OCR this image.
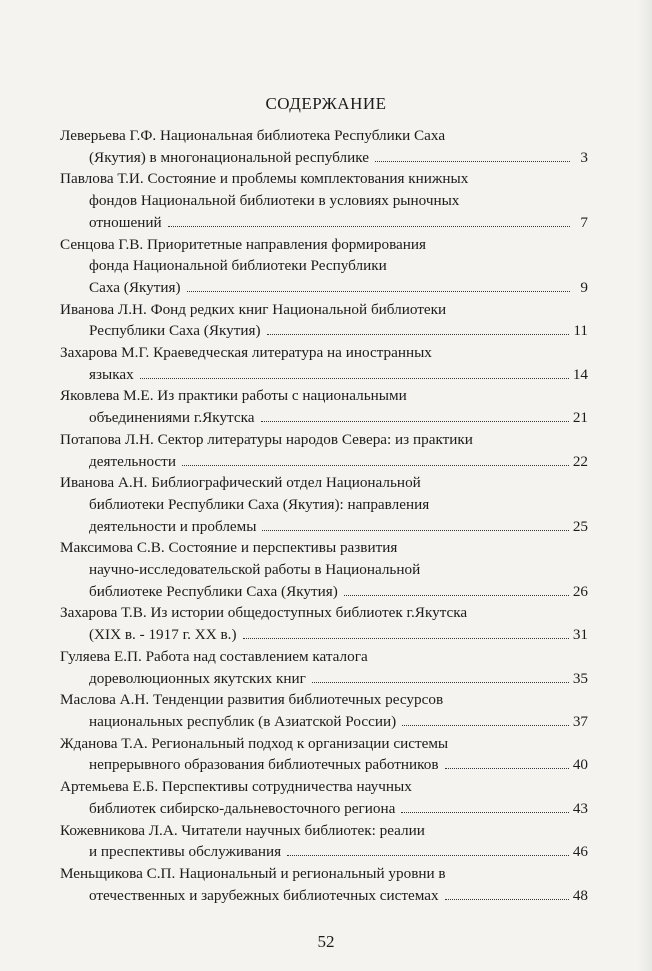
СОДЕРЖАНИЕ
Леверьева Г.Ф. Национальная библиотека Республики Саха
(Якутия) в многонациональной республике	3
Павлова Т.И. Состояние и проблемы комплектования книжных
фондов Национальной библиотеки в условиях рыночных
отношений	7
Сенцова Г.В. Приоритетные направления формирования
фонда Национальной библиотеки Республики
Саха (Якутия)	9
Иванова Л.Н. Фонд редких книг Национальной библиотеки
Республики Саха (Якутия)	11
Захарова М.Г. Краеведческая литература на иностранных
языках	14
Яковлева М.Е. Из практики работы с национальными
объединениями г.Якутска	21
Потапова Л.Н. Сектор литературы народов Севера: из практики
деятельности	22
Иванова А.Н. Библиографический отдел Национальной
библиотеки Республики Саха (Якутия): направления
деятельности и проблемы	25
Максимова С.В. Состояние и перспективы развития
научно-исследовательской работы в Национальной
библиотеке Республики Саха (Якутия)	26
Захарова Т.В. Из истории общедоступных библиотек г.Якутска
(XIX в. - 1917 г. XX в.)	31
Гуляева Е.П. Работа над составлением каталога
дореволюционных якутских книг	35
Маслова А.Н. Тенденции развития библиотечных ресурсов
национальных республик (в Азиатской России)	37
Жданова Т.А. Региональный подход к организации системы
непрерывного образования библиотечных работников	40
Артемьева Е.Б. Перспективы сотрудничества научных
библиотек сибирско-дальневосточного региона	43
Кожевникова Л.А. Читатели научных библиотек: реалии
и преспективы обслуживания	46
Меньщикова С.П. Национальный и региональный уровни в
отечественных и зарубежных библиотечных системах	48
52
